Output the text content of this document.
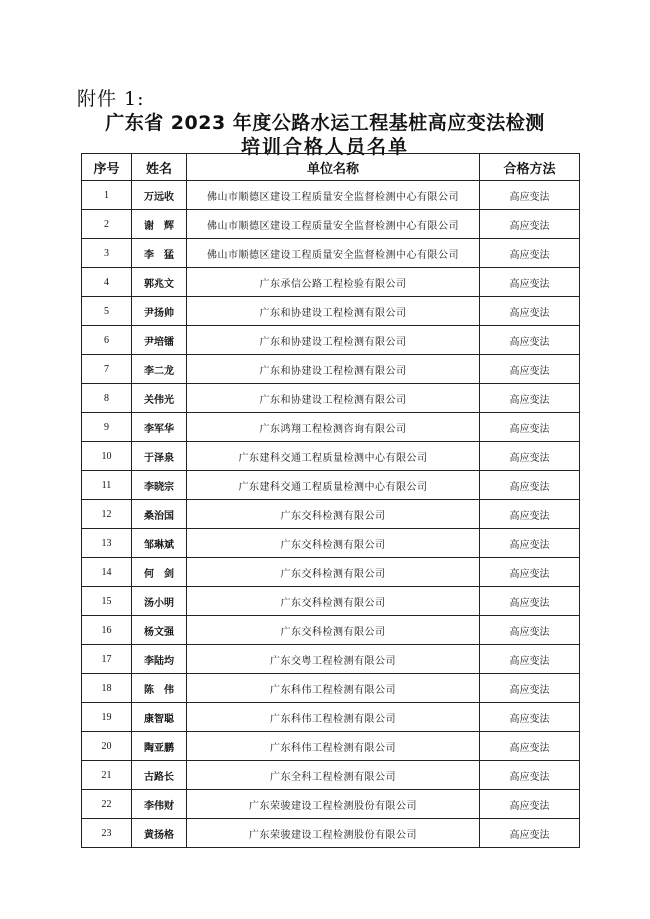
附件 1:
广东省 2023 年度公路水运工程基桩高应变法检测
培训合格人员名单
序号	姓名	单位名称	合格方法
1	万远收	佛山市顺德区建设工程质量安全监督检测中心有限公司	高应变法
2	谢　辉	佛山市顺德区建设工程质量安全监督检测中心有限公司	高应变法
3	李　猛	佛山市顺德区建设工程质量安全监督检测中心有限公司	高应变法
4	郭兆文	广东承信公路工程检验有限公司	高应变法
5	尹扬帅	广东和协建设工程检测有限公司	高应变法
6	尹培镭	广东和协建设工程检测有限公司	高应变法
7	李二龙	广东和协建设工程检测有限公司	高应变法
8	关伟光	广东和协建设工程检测有限公司	高应变法
9	李军华	广东鸿翔工程检测咨询有限公司	高应变法
10	于泽泉	广东建科交通工程质量检测中心有限公司	高应变法
11	李晓宗	广东建科交通工程质量检测中心有限公司	高应变法
12	桑治国	广东交科检测有限公司	高应变法
13	邹琳斌	广东交科检测有限公司	高应变法
14	何　剑	广东交科检测有限公司	高应变法
15	汤小明	广东交科检测有限公司	高应变法
16	杨文强	广东交科检测有限公司	高应变法
17	李陆均	广东交粤工程检测有限公司	高应变法
18	陈　伟	广东科伟工程检测有限公司	高应变法
19	康智聪	广东科伟工程检测有限公司	高应变法
20	陶亚鹏	广东科伟工程检测有限公司	高应变法
21	古路长	广东全科工程检测有限公司	高应变法
22	李伟财	广东荣骏建设工程检测股份有限公司	高应变法
23	黄扬格	广东荣骏建设工程检测股份有限公司	高应变法
